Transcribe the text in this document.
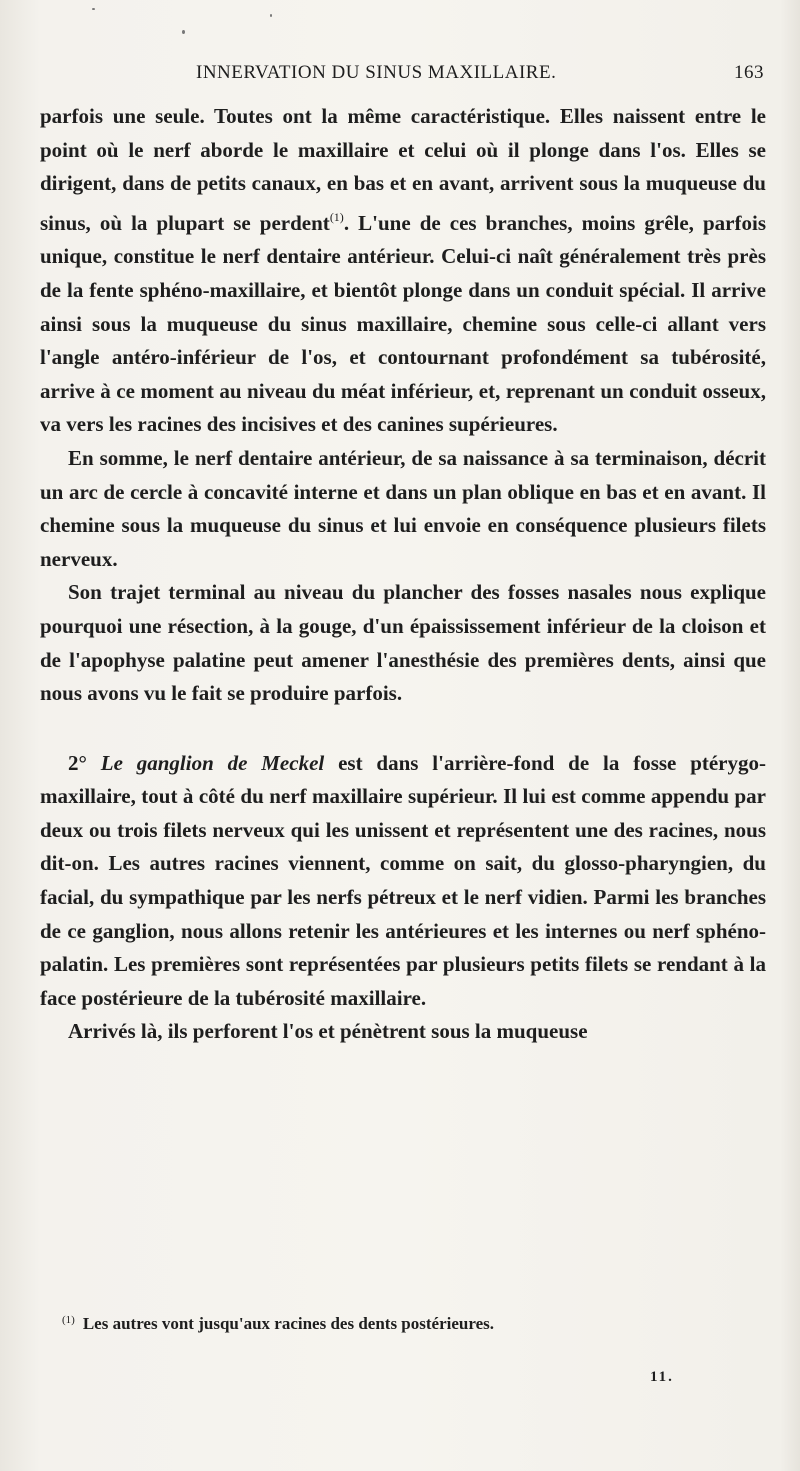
INNERVATION DU SINUS MAXILLAIRE.	163

parfois une seule. Toutes ont la même caractéristique. Elles naissent entre le point où le nerf aborde le maxillaire et celui où il plonge dans l'os. Elles se dirigent, dans de petits canaux, en bas et en avant, arrivent sous la muqueuse du sinus, où la plupart se perdent$^{(1)}$. L'une de ces branches, moins grêle, parfois unique, constitue le nerf dentaire antérieur. Celui-ci naît généralement très près de la fente sphéno-maxillaire, et bientôt plonge dans un conduit spécial. Il arrive ainsi sous la muqueuse du sinus maxillaire, chemine sous celle-ci allant vers l'angle antéro-inférieur de l'os, et contournant profondément sa tubérosité, arrive à ce moment au niveau du méat inférieur, et, reprenant un conduit osseux, va vers les racines des incisives et des canines supérieures.

En somme, le nerf dentaire antérieur, de sa naissance à sa terminaison, décrit un arc de cercle à concavité interne et dans un plan oblique en bas et en avant. Il chemine sous la muqueuse du sinus et lui envoie en conséquence plusieurs filets nerveux.

Son trajet terminal au niveau du plancher des fosses nasales nous explique pourquoi une résection, à la gouge, d'un épaississement inférieur de la cloison et de l'apophyse palatine peut amener l'anesthésie des premières dents, ainsi que nous avons vu le fait se produire parfois.

2° Le ganglion de Meckel est dans l'arrière-fond de la fosse ptérygo-maxillaire, tout à côté du nerf maxillaire supérieur. Il lui est comme appendu par deux ou trois filets nerveux qui les unissent et représentent une des racines, nous dit-on. Les autres racines viennent, comme on sait, du glosso-pharyngien, du facial, du sympathique par les nerfs pétreux et le nerf vidien. Parmi les branches de ce ganglion, nous allons retenir les antérieures et les internes ou nerf sphéno-palatin. Les premières sont représentées par plusieurs petits filets se rendant à la face postérieure de la tubérosité maxillaire.

Arrivés là, ils perforent l'os et pénètrent sous la muqueuse

$^{(1)}$ Les autres vont jusqu'aux racines des dents postérieures.
11.
